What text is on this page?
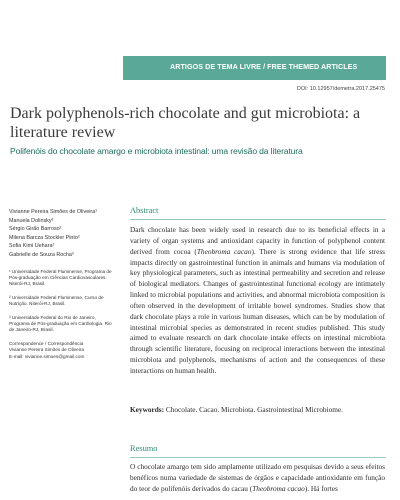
ARTIGOS DE TEMA LIVRE / FREE THEMED ARTICLES
DOI: 10.12957/demetra.2017.25475
Dark polyphenols-rich chocolate and gut microbiota: a literature review
Polifenóis do chocolate amargo e microbiota intestinal: uma revisão da literatura
Vivianne Pereira Simões de Oliveira¹
Manuela Dolinsky²
Sérgio Girão Barroso²
Milena Barcza Stockler Pinto²
Sofia Kimi Uehara²
Gabrielle de Souza Rocha³

¹ Universidade Federal Fluminense, Programa de Pós-graduação em Ciências Cardiovasculares. Niterói-RJ, Brasil.

² Universidade Federal Fluminense, Curso de Nutrição. Niterói-RJ, Brasil.

³ Universidade Federal do Rio de Janeiro, Programa de Pós-graduação em Cardiologia. Rio de Janeiro-RJ, Brasil.

Correspondence / Correspondência
Vivianne Pereira Simões de Oliveira
E-mail: vivianne.simoes@gmail.com
Abstract

Dark chocolate has been widely used in research due to its beneficial effects in a variety of organ systems and antioxidant capacity in function of polyphenol content derived from cocoa (Theobroma cacao). There is strong evidence that life stress impacts directly on gastrointestinal function in animals and humans via modulation of key physiological parameters, such as intestinal permeability and secretion and release of biological mediators. Changes of gastrointestinal functional ecology are intimately linked to microbial populations and activities, and abnormal microbiota composition is often observed in the development of irritable bowel syndromes. Studies show that dark chocolate plays a role in various human diseases, which can be by modulation of intestinal microbial species as demonstrated in recent studies published. This study aimed to evaluate research on dark chocolate intake effects on intestinal microbiota through scientific literature, focusing on reciprocal interactions between the intestinal microbiota and polyphenols, mechanisms of action and the consequences of these interactions on human health.

Keywords: Chocolate. Cacao. Microbiota. Gastrointestinal Microbiome.

Resumo

O chocolate amargo tem sido amplamente utilizado em pesquisas devido a seus efeitos benéficos numa variedade de sistemas de órgãos e capacidade antioxidante em função do teor de polifenóis derivados do cacau (Theobroma cacao). Há fortes
